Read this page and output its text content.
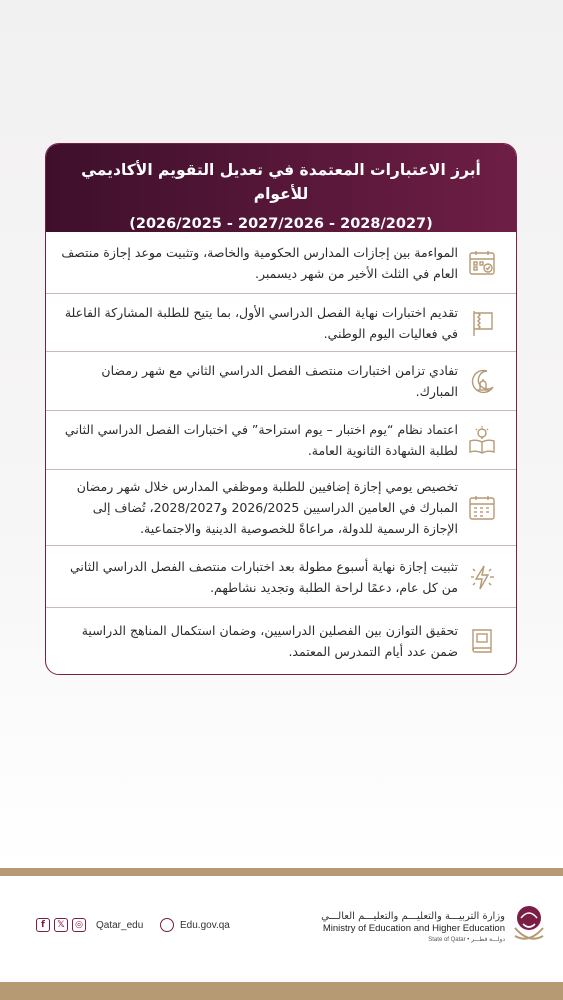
أبرز الاعتبارات المعتمدة في تعديل التقويم الأكاديمي للأعوام
(2026/2025 - 2027/2026 - 2028/2027)
المواءمة بين إجازات المدارس الحكومية والخاصة، وتثبيت موعد إجازة منتصف العام في الثلث الأخير من شهر ديسمبر.
تقديم اختبارات نهاية الفصل الدراسي الأول، بما يتيح للطلبة المشاركة الفاعلة في فعاليات اليوم الوطني.
تفادي تزامن اختبارات منتصف الفصل الدراسي الثاني مع شهر رمضان المبارك.
اعتماد نظام “يوم اختبار – يوم استراحة” في اختبارات الفصل الدراسي الثاني لطلبة الشهادة الثانوية العامة.
تخصيص يومي إجازة إضافيين للطلبة وموظفي المدارس خلال شهر رمضان المبارك في العامين الدراسيين 2026/2025 و2028/2027، تُضاف إلى الإجازة الرسمية للدولة، مراعاةً للخصوصية الدينية والاجتماعية.
تثبيت إجازة نهاية أسبوع مطولة بعد اختبارات منتصف الفصل الدراسي الثاني من كل عام، دعمًا لراحة الطلبة وتجديد نشاطهم.
تحقيق التوازن بين الفصلين الدراسيين، وضمان استكمال المناهج الدراسية ضمن عدد أيام التمدرس المعتمد.
f	𝕏	◎	Qatar_edu	Edu.gov.qa
وزارة التربيـــة والتعليـــم والتعليـــم العالـــي
Ministry of Education and Higher Education
State of Qatar • دولـــة قطـــر
